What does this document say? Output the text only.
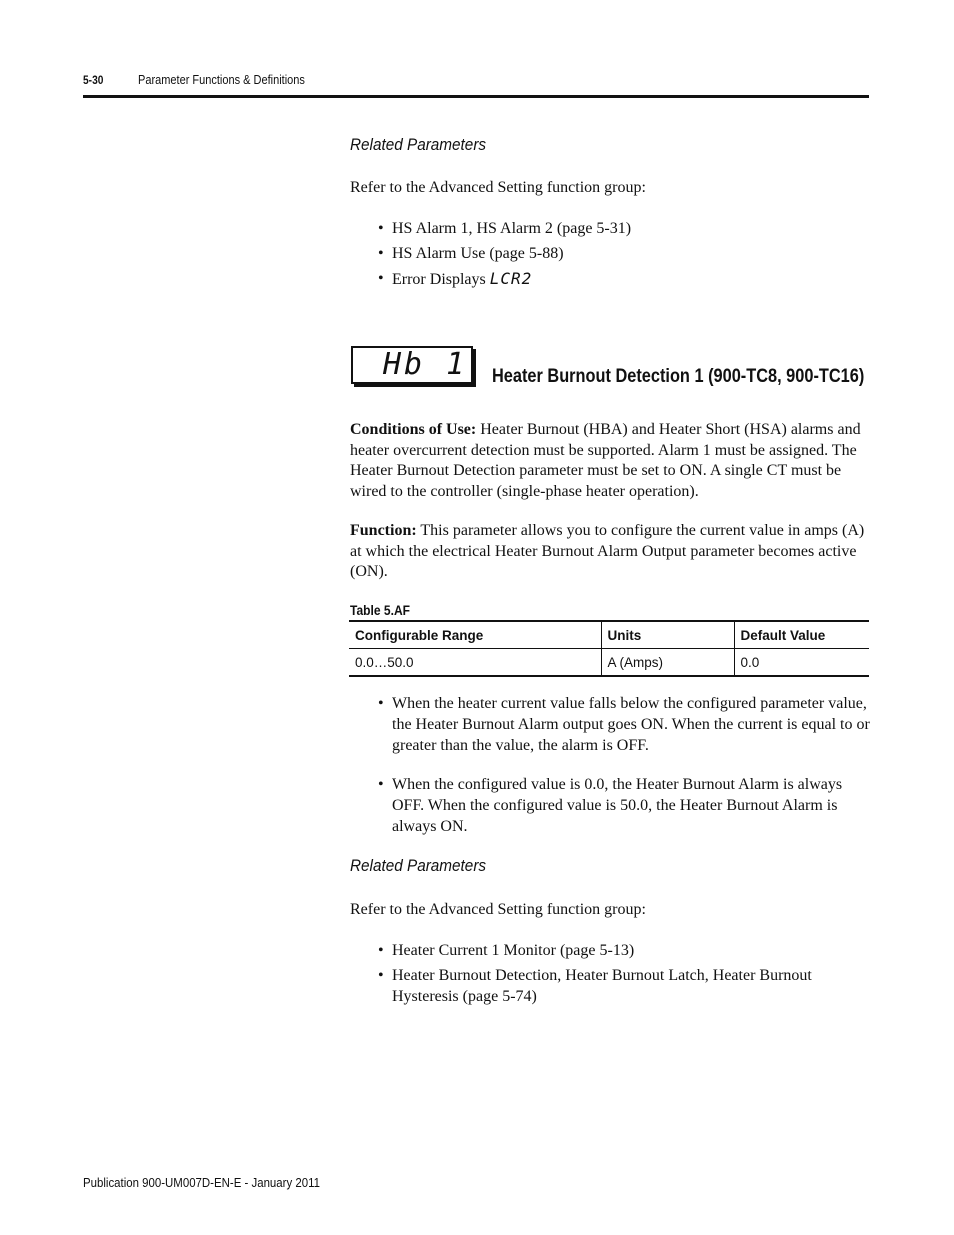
5-30	Parameter Functions & Definitions
Related Parameters
Refer to the Advanced Setting function group:
• HS Alarm 1, HS Alarm 2 (page 5-31)
• HS Alarm Use (page 5-88)
• Error Displays LCR2
Hb 1 Heater Burnout Detection 1 (900-TC8, 900-TC16)
Conditions of Use: Heater Burnout (HBA) and Heater Short (HSA) alarms and heater overcurrent detection must be supported. Alarm 1 must be assigned. The Heater Burnout Detection parameter must be set to ON. A single CT must be wired to the controller (single-phase heater operation).
Function: This parameter allows you to configure the current value in amps (A) at which the electrical Heater Burnout Alarm Output parameter becomes active (ON).
Table 5.AF
Configurable Range	Units	Default Value
0.0…50.0	A (Amps)	0.0
• When the heater current value falls below the configured parameter value, the Heater Burnout Alarm output goes ON. When the current is equal to or greater than the value, the alarm is OFF.
• When the configured value is 0.0, the Heater Burnout Alarm is always OFF. When the configured value is 50.0, the Heater Burnout Alarm is always ON.
Related Parameters
Refer to the Advanced Setting function group:
• Heater Current 1 Monitor (page 5-13)
• Heater Burnout Detection, Heater Burnout Latch, Heater Burnout Hysteresis (page 5-74)
Publication 900-UM007D-EN-E - January 2011
